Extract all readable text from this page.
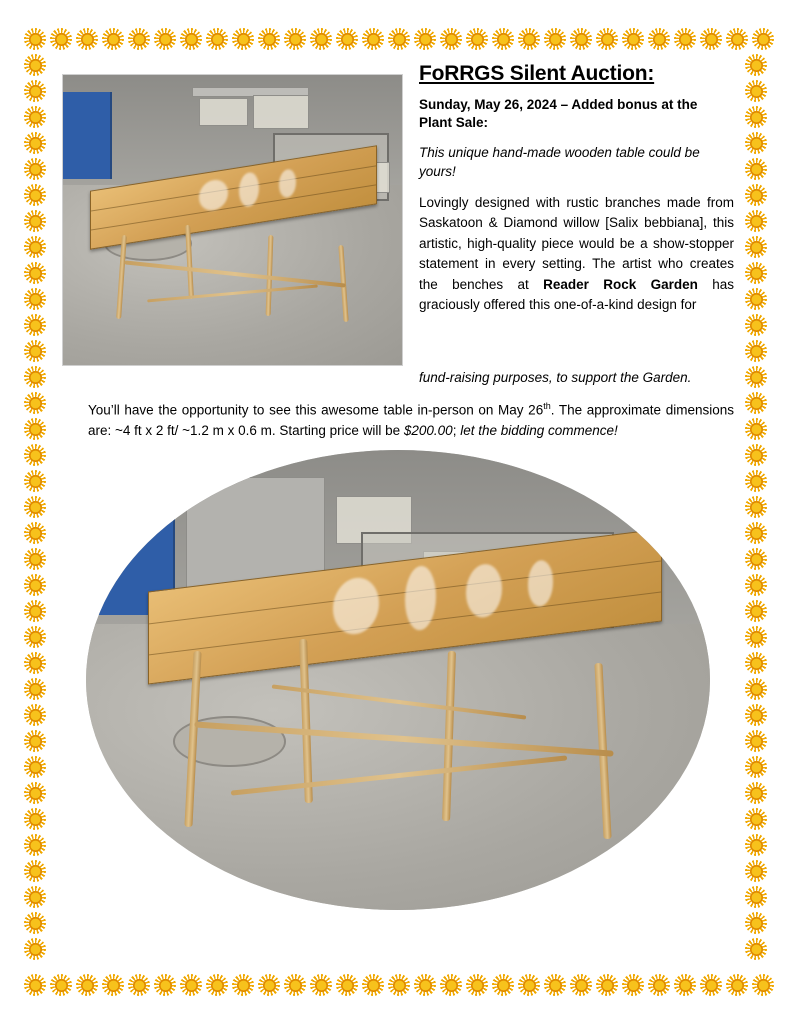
FoRRGS Silent Auction:

Sunday, May 26, 2024 – Added bonus at the Plant Sale:

This unique hand-made wooden table could be yours!

Lovingly designed with rustic branches made from Saskatoon & Diamond willow [Salix bebbiana], this artistic, high-quality piece would be a show-stopper statement in every setting. The artist who creates the benches at Reader Rock Garden has graciously offered this one-of-a-kind design for

fund-raising purposes, to support the Garden.

You’ll have the opportunity to see this awesome table in-person on May 26th. The approximate dimensions are: ~4 ft x 2 ft/ ~1.2 m x 0.6 m. Starting price will be $200.00; let the bidding commence!
